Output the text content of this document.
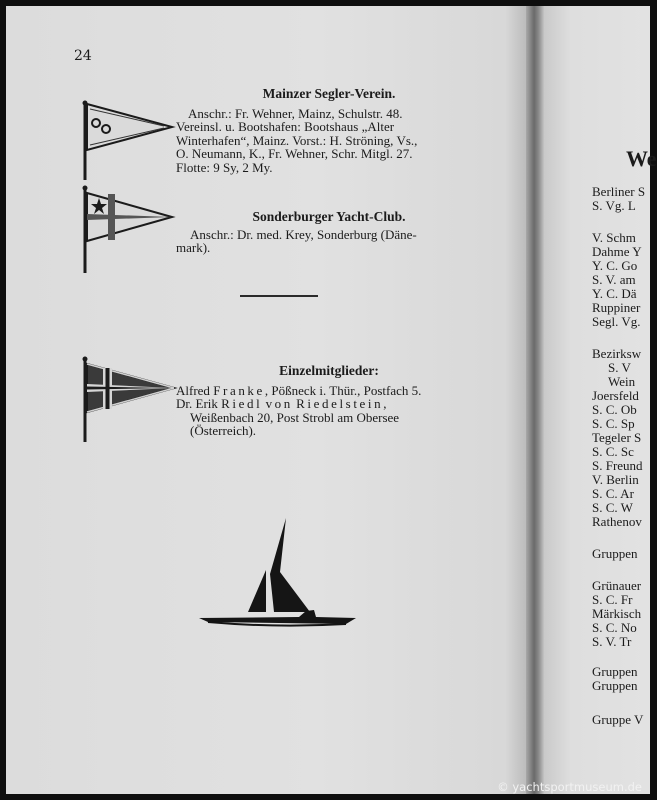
24
Mainzer Segler-Verein.
Anschr.: Fr. Wehner, Mainz, Schulstr. 48.
Vereinsl. u. Bootshafen: Bootshaus „Alter
Winterhafen“, Mainz. Vorst.: H. Ströning, Vs.,
O. Neumann, K., Fr. Wehner, Schr. Mitgl. 27.
Flotte: 9 Sy, 2 My.
Sonderburger Yacht-Club.
Anschr.: Dr. med. Krey, Sonderburg (Däne-
mark).
Einzelmitglieder:
Alfred Franke, Pößneck i. Thür., Postfach 5.
Dr. Erik Riedl von Riedelstein,
Weißenbach 20, Post Strobl am Obersee
(Österreich).
We
Berliner S
S. Vg. L
V. Schm
Dahme Y
Y. C. Go
S. V. am
Y. C. Dä
Ruppiner
Segl. Vg.
Bezirksw
S. V
Wein
Joersfeld
S. C. Ob
S. C. Sp
Tegeler S
S. C. Sc
S. Freund
V. Berlin
S. C. Ar
S. C. W
Rathenov
Gruppen
Grünauer
S. C. Fr
Märkisch
S. C. No
S. V. Tr
Gruppen
Gruppen
Gruppe V
© yachtsportmuseum.de
